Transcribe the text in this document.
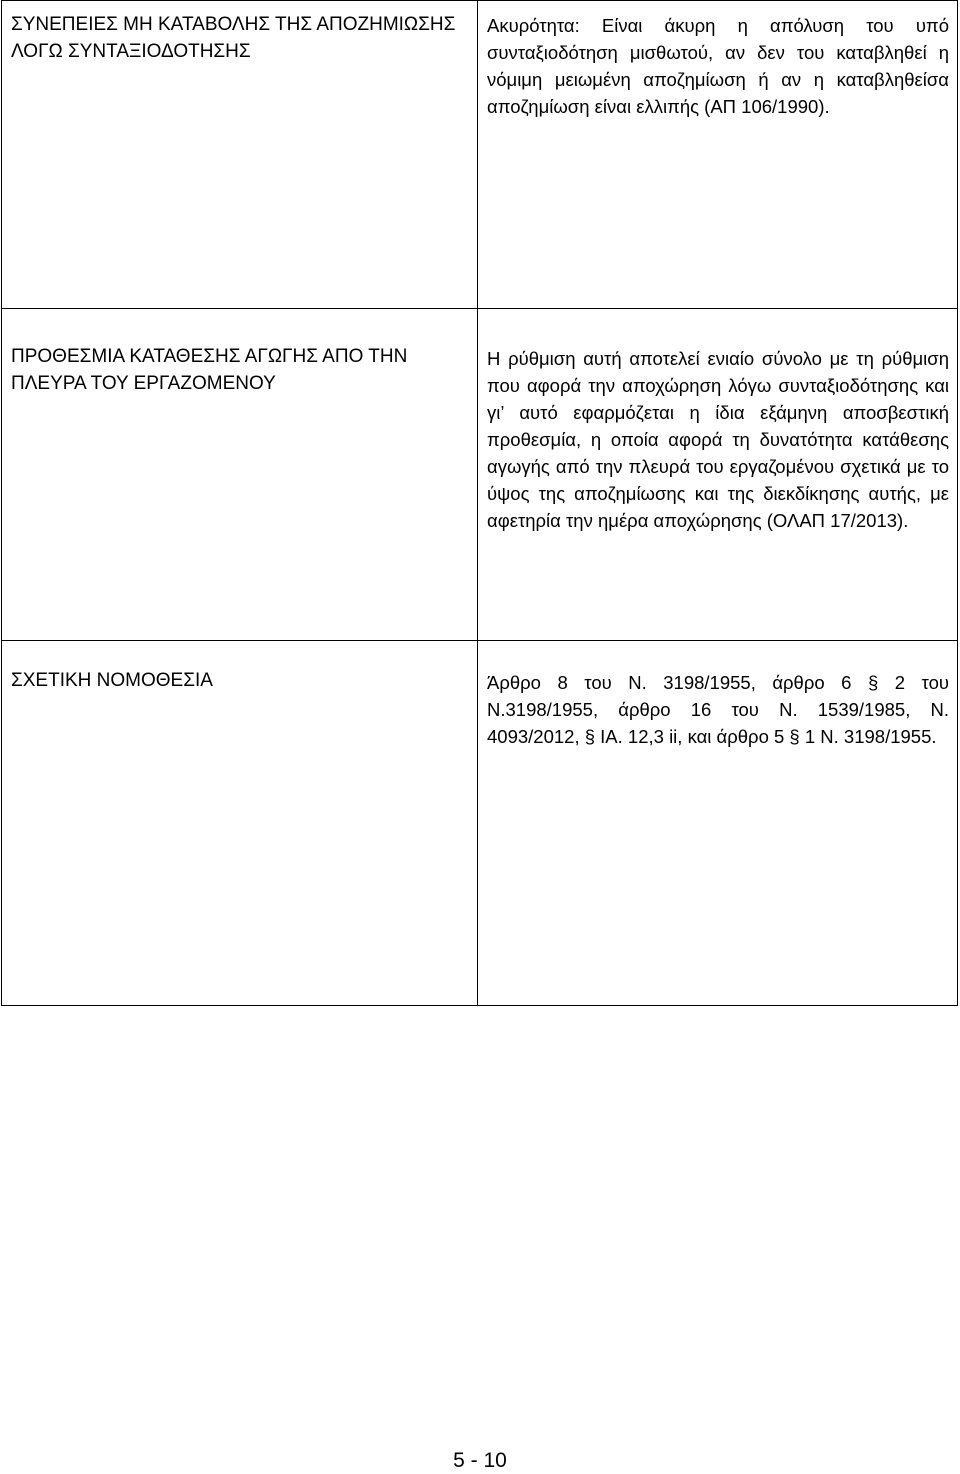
ΣΥΝΕΠΕΙΕΣ ΜΗ ΚΑΤΑΒΟΛΗΣ ΤΗΣ ΑΠΟΖΗΜΙΩΣΗΣ ΛΟΓΩ ΣΥΝΤΑΞΙΟΔΟΤΗΣΗΣ	Ακυρότητα: Είναι άκυρη η απόλυση του υπό συνταξιοδότηση μισθωτού, αν δεν του καταβληθεί η νόμιμη μειωμένη αποζημίωση ή αν η καταβληθείσα αποζημίωση είναι ελλιπής (ΑΠ 106/1990).

ΠΡΟΘΕΣΜΙΑ ΚΑΤΑΘΕΣΗΣ ΑΓΩΓΗΣ ΑΠΟ ΤΗΝ ΠΛΕΥΡΑ ΤΟΥ ΕΡΓΑΖΟΜΕΝΟΥ	Η ρύθμιση αυτή αποτελεί ενιαίο σύνολο με τη ρύθμιση που αφορά την αποχώρηση λόγω συνταξιοδότησης και γι’ αυτό εφαρμόζεται η ίδια εξάμηνη αποσβεστική προθεσμία, η οποία αφορά τη δυνατότητα κατάθεσης αγωγής από την πλευρά του εργαζομένου σχετικά με το ύψος της αποζημίωσης και της διεκδίκησης αυτής, με αφετηρία την ημέρα αποχώρησης (ΟΛΑΠ 17/2013).

ΣΧΕΤΙΚΗ ΝΟΜΟΘΕΣΙΑ	Άρθρο 8 του Ν. 3198/1955, άρθρο 6 § 2 του Ν.3198/1955, άρθρο 16 του Ν. 1539/1985, Ν. 4093/2012, § ΙΑ. 12,3 ii, και άρθρο 5 § 1 Ν. 3198/1955.
5 - 10
